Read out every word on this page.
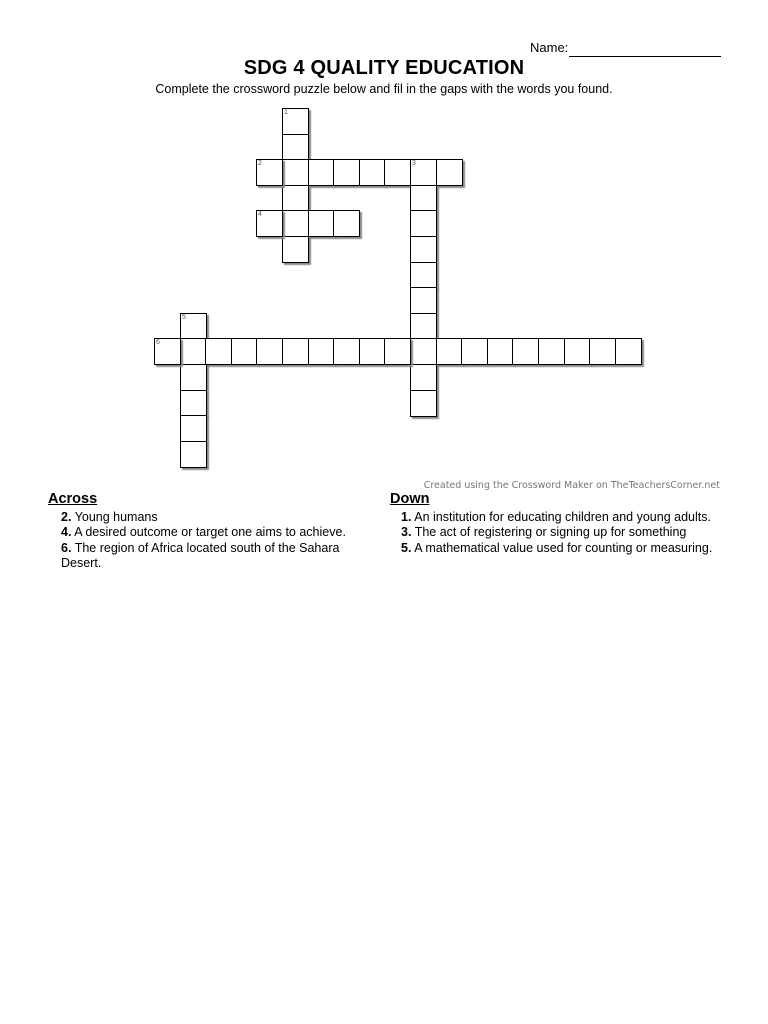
Name:
SDG 4 QUALITY EDUCATION
Complete the crossword puzzle below and fil in the gaps with the words you found.
1
2	3
4
5
6
Created using the Crossword Maker on TheTeachersCorner.net
Across
2. Young humans
4. A desired outcome or target one aims to achieve.
6. The region of Africa located south of the Sahara Desert.
Down
1. An institution for educating children and young adults.
3. The act of registering or signing up for something
5. A mathematical value used for counting or measuring.
